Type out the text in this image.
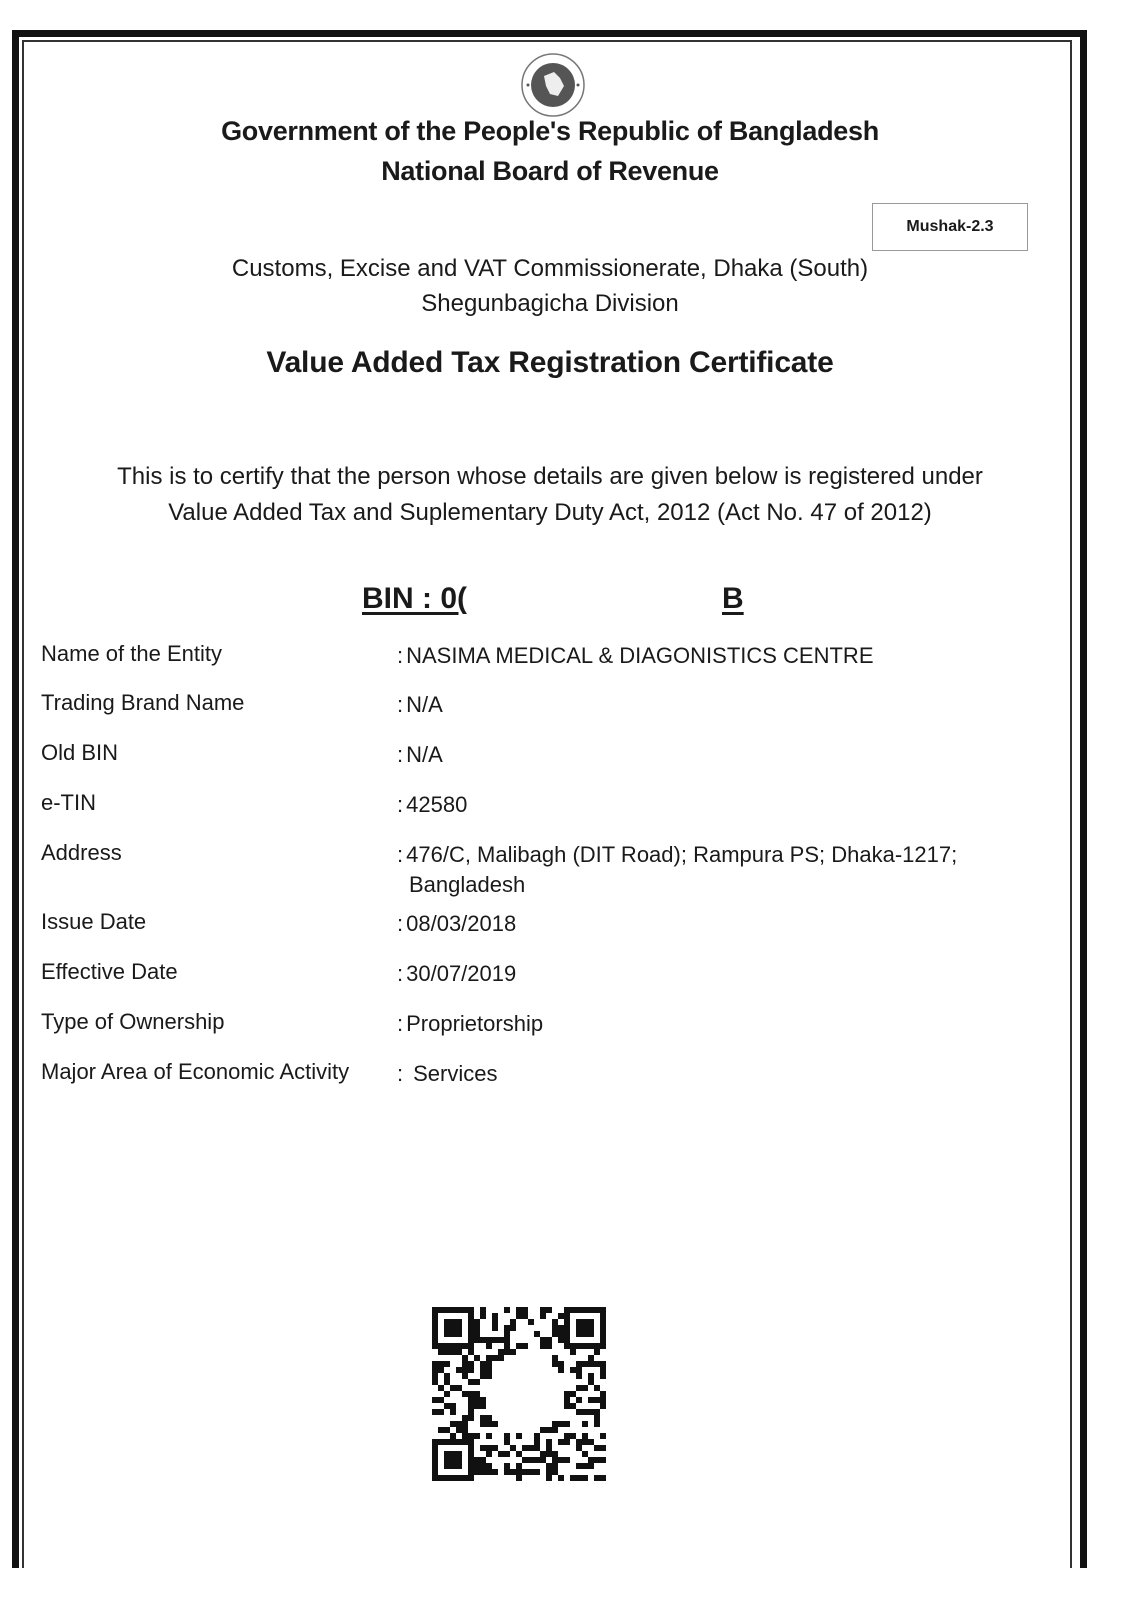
Government of the People's Republic of Bangladesh
National Board of Revenue
Mushak-2.3
Customs, Excise and VAT Commissionerate, Dhaka (South)
Shegunbagicha Division
Value Added Tax Registration Certificate
This is to certify that the person whose details are given below is registered under
Value Added Tax and Suplementary Duty Act, 2012 (Act No. 47 of 2012)
BIN : 0(	B
Name of the Entity	: NASIMA MEDICAL & DIAGONISTICS CENTRE
Trading Brand Name	: N/A
Old BIN	: N/A
e-TIN	: 42580
Address	: 476/C, Malibagh (DIT Road); Rampura PS; Dhaka-1217; Bangladesh
Issue Date	: 08/03/2018
Effective Date	: 30/07/2019
Type of Ownership	: Proprietorship
Major Area of Economic Activity : Services
